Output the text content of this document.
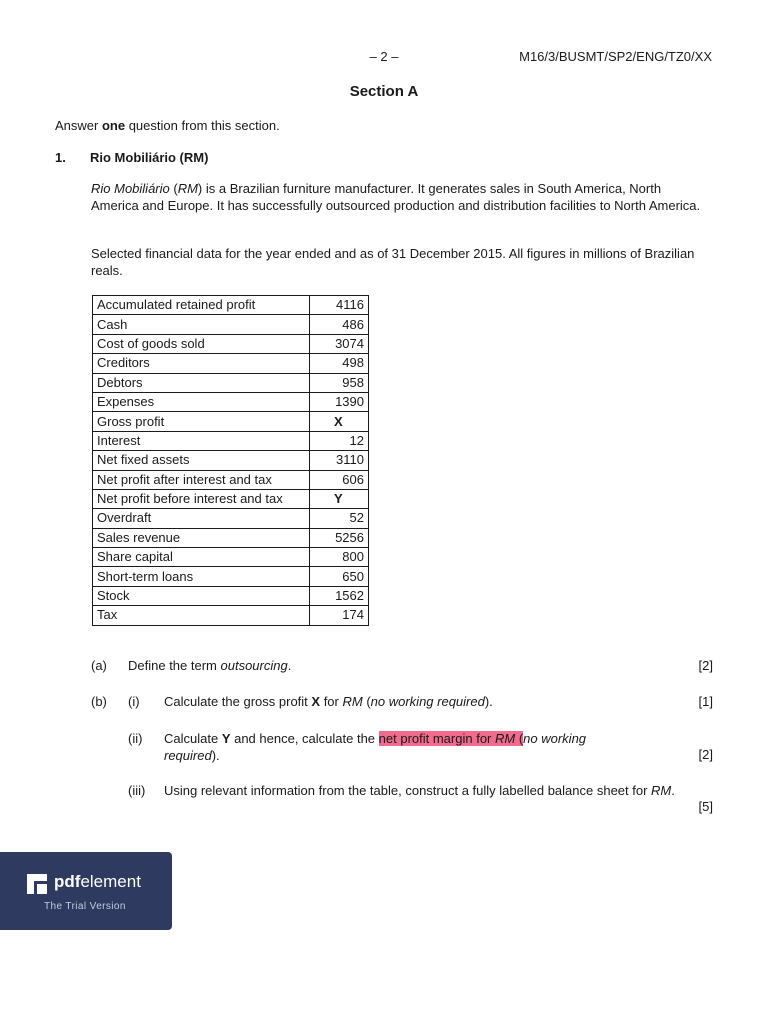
– 2 –	M16/3/BUSMT/SP2/ENG/TZ0/XX
Section A
Answer one question from this section.
1. Rio Mobiliário (RM)
Rio Mobiliário (RM) is a Brazilian furniture manufacturer. It generates sales in South America, North America and Europe. It has successfully outsourced production and distribution facilities to North America.
Selected financial data for the year ended and as of 31 December 2015. All figures in millions of Brazilian reals.
Accumulated retained profit	4116
Cash	486
Cost of goods sold	3074
Creditors	498
Debtors	958
Expenses	1390
Gross profit	X
Interest	12
Net fixed assets	3110
Net profit after interest and tax	606
Net profit before interest and tax	Y
Overdraft	52
Sales revenue	5256
Share capital	800
Short-term loans	650
Stock	1562
Tax	174
(a) Define the term outsourcing.	[2]
(b) (i) Calculate the gross profit X for RM (no working required).	[1]
(ii) Calculate Y and hence, calculate the net profit margin for RM (no working
required).	[2]
(iii) Using relevant information from the table, construct a fully labelled balance sheet for RM.
[5]
pdfelement
The Trial Version
